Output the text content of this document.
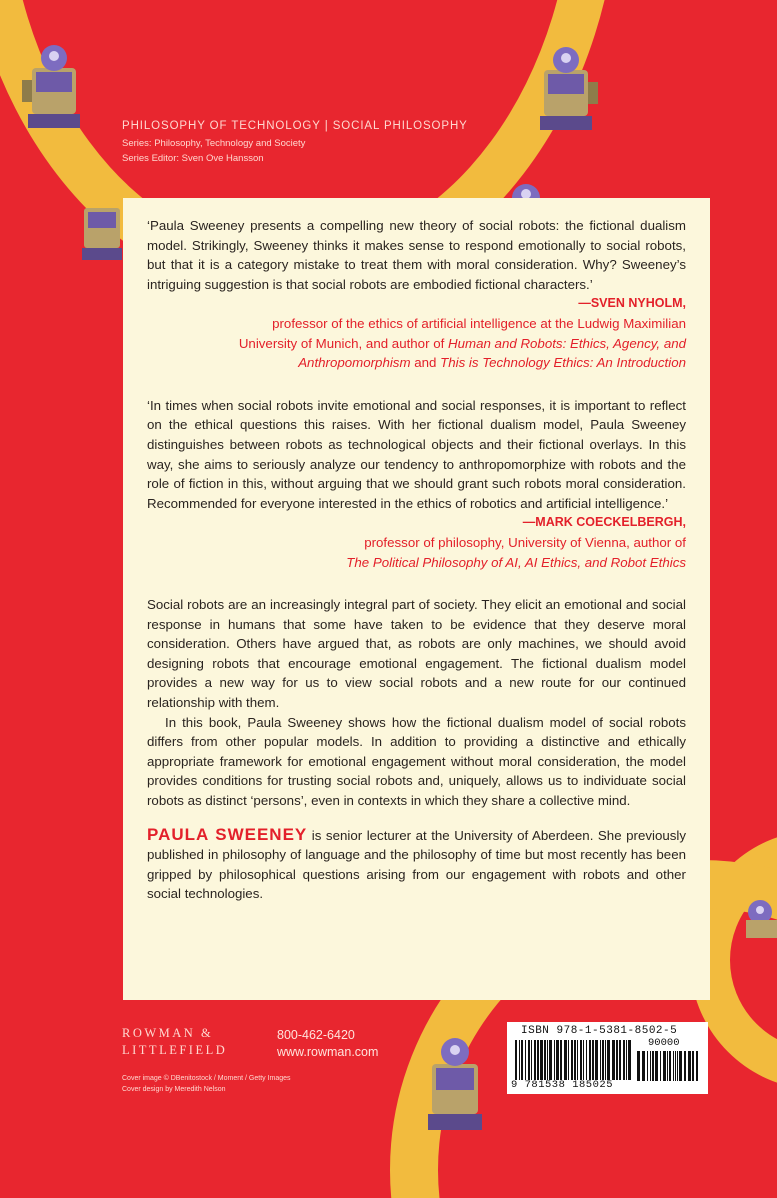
PHILOSOPHY OF TECHNOLOGY | SOCIAL PHILOSOPHY
Series: Philosophy, Technology and Society
Series Editor: Sven Ove Hansson
‘Paula Sweeney presents a compelling new theory of social robots: the fictional dualism model. Strikingly, Sweeney thinks it makes sense to respond emotionally to social robots, but that it is a category mistake to treat them with moral consideration. Why? Sweeney’s intriguing suggestion is that social robots are embodied fictional characters.’
—SVEN NYHOLM,
professor of the ethics of artificial intelligence at the Ludwig Maximilian
University of Munich, and author of Human and Robots: Ethics, Agency, and
Anthropomorphism and This is Technology Ethics: An Introduction
‘In times when social robots invite emotional and social responses, it is important to reflect on the ethical questions this raises. With her fictional dualism model, Paula Sweeney distinguishes between robots as technological objects and their fictional overlays. In this way, she aims to seriously analyze our tendency to anthropomorphize with robots and the role of fiction in this, without arguing that we should grant such robots moral consideration. Recommended for everyone interested in the ethics of robotics and artificial intelligence.’
—MARK COECKELBERGH,
professor of philosophy, University of Vienna, author of
The Political Philosophy of AI, AI Ethics, and Robot Ethics
Social robots are an increasingly integral part of society. They elicit an emotional and social response in humans that some have taken to be evidence that they deserve moral consideration. Others have argued that, as robots are only machines, we should avoid designing robots that encourage emotional engagement. The fictional dualism model provides a new way for us to view social robots and a new route for our continued relationship with them.
In this book, Paula Sweeney shows how the fictional dualism model of social robots differs from other popular models. In addition to providing a distinctive and ethically appropriate framework for emotional engagement without moral consideration, the model provides conditions for trusting social robots and, uniquely, allows us to individuate social robots as distinct ‘persons’, even in contexts in which they share a collective mind.
PAULA SWEENEY is senior lecturer at the University of Aberdeen. She previously published in philosophy of language and the philosophy of time but most recently has been gripped by philosophical questions arising from our engagement with robots and other social technologies.
ROWMAN &
LITTLEFIELD
800-462-6420
www.rowman.com
Cover image © DBenitostock / Moment / Getty Images
Cover design by Meredith Nelson
ISBN 978-1-5381-8502-5
9 781538 185025
90000
